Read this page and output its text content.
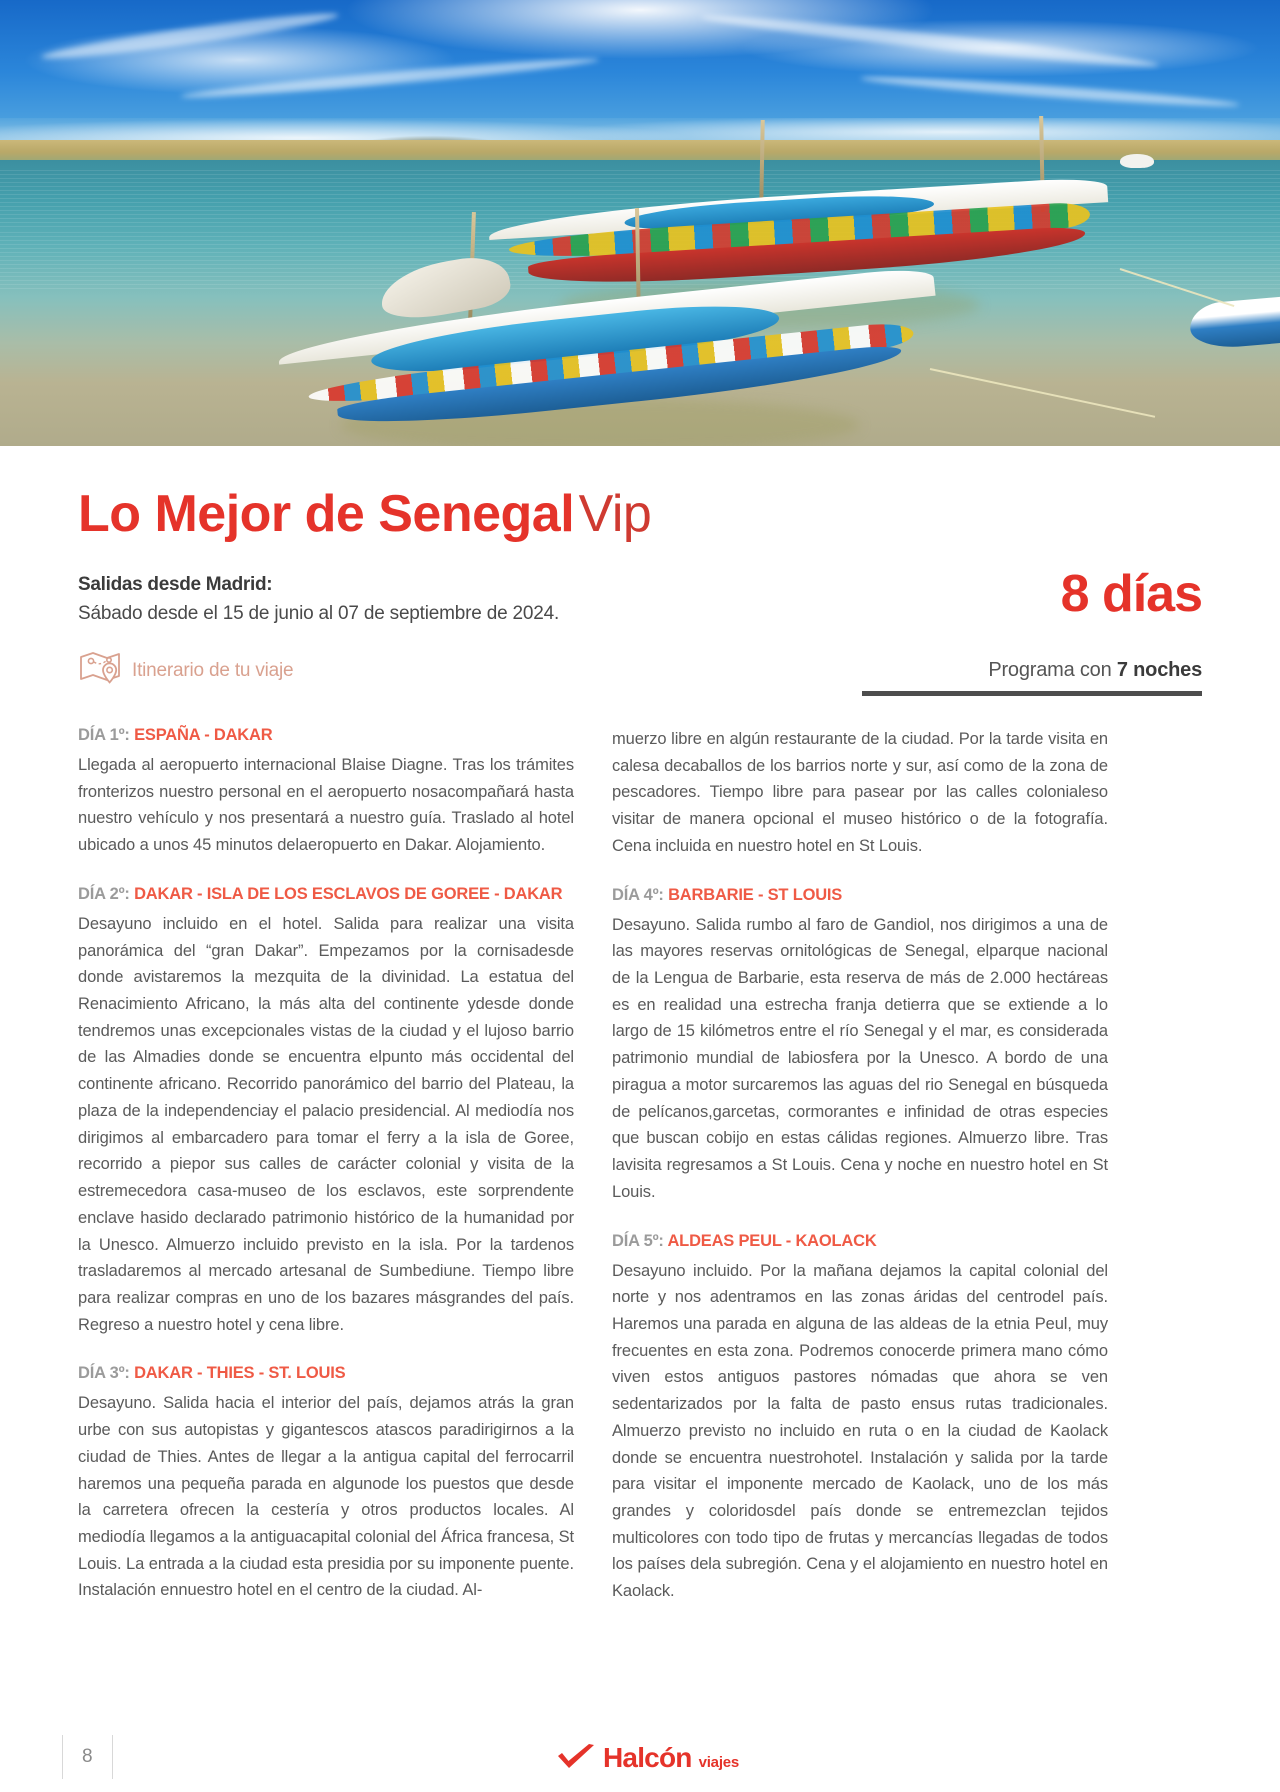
Lo Mejor de Senegal Vip
Salidas desde Madrid:
Sábado desde el 15 de junio al 07 de septiembre de 2024.	8 días
Itinerario de tu viaje	Programa con 7 noches
DÍA 1º: ESPAÑA - DAKAR

Llegada al aeropuerto internacional Blaise Diagne. Tras los trámites fronterizos nuestro personal en el aeropuerto nosacompañará hasta nuestro vehículo y nos presentará a nuestro guía. Traslado al hotel ubicado a unos 45 minutos delaeropuerto en Dakar. Alojamiento.

DÍA 2º: DAKAR - ISLA DE LOS ESCLAVOS DE GOREE - DAKAR

Desayuno incluido en el hotel. Salida para realizar una visita panorámica del “gran Dakar”. Empezamos por la cornisadesde donde avistaremos la mezquita de la divinidad. La estatua del Renacimiento Africano, la más alta del continente ydesde donde tendremos unas excepcionales vistas de la ciudad y el lujoso barrio de las Almadies donde se encuentra elpunto más occidental del continente africano. Recorrido panorámico del barrio del Plateau, la plaza de la independenciay el palacio presidencial. Al mediodía nos dirigimos al embarcadero para tomar el ferry a la isla de Goree, recorrido a piepor sus calles de carácter colonial y visita de la estremecedora casa-museo de los esclavos, este sorprendente enclave hasido declarado patrimonio histórico de la humanidad por la Unesco. Almuerzo incluido previsto en la isla. Por la tardenos trasladaremos al mercado artesanal de Sumbediune. Tiempo libre para realizar compras en uno de los bazares másgrandes del país. Regreso a nuestro hotel y cena libre.

DÍA 3º: DAKAR - THIES - ST. LOUIS

Desayuno. Salida hacia el interior del país, dejamos atrás la gran urbe con sus autopistas y gigantescos atascos paradirigirnos a la ciudad de Thies. Antes de llegar a la antigua capital del ferrocarril haremos una pequeña parada en algunode los puestos que desde la carretera ofrecen la cestería y otros productos locales. Al mediodía llegamos a la antiguacapital colonial del África francesa, St Louis. La entrada a la ciudad esta presidia por su imponente puente. Instalación ennuestro hotel en el centro de la ciudad. Al-

muerzo libre en algún restaurante de la ciudad. Por la tarde visita en calesa decaballos de los barrios norte y sur, así como de la zona de pescadores. Tiempo libre para pasear por las calles colonialeso visitar de manera opcional el museo histórico o de la fotografía. Cena incluida en nuestro hotel en St Louis.

DÍA 4º: BARBARIE - ST LOUIS

Desayuno. Salida rumbo al faro de Gandiol, nos dirigimos a una de las mayores reservas ornitológicas de Senegal, elparque nacional de la Lengua de Barbarie, esta reserva de más de 2.000 hectáreas es en realidad una estrecha franja detierra que se extiende a lo largo de 15 kilómetros entre el río Senegal y el mar, es considerada patrimonio mundial de labiosfera por la Unesco. A bordo de una piragua a motor surcaremos las aguas del rio Senegal en búsqueda de pelícanos,garcetas, cormorantes e infinidad de otras especies que buscan cobijo en estas cálidas regiones. Almuerzo libre. Tras lavisita regresamos a St Louis. Cena y noche en nuestro hotel en St Louis.

DÍA 5º: ALDEAS PEUL - KAOLACK

Desayuno incluido. Por la mañana dejamos la capital colonial del norte y nos adentramos en las zonas áridas del centrodel país. Haremos una parada en alguna de las aldeas de la etnia Peul, muy frecuentes en esta zona. Podremos conocerde primera mano cómo viven estos antiguos pastores nómadas que ahora se ven sedentarizados por la falta de pasto ensus rutas tradicionales. Almuerzo previsto no incluido en ruta o en la ciudad de Kaolack donde se encuentra nuestrohotel. Instalación y salida por la tarde para visitar el imponente mercado de Kaolack, uno de los más grandes y coloridosdel país donde se entremezclan tejidos multicolores con todo tipo de frutas y mercancías llegadas de todos los países dela subregión. Cena y el alojamiento en nuestro hotel en Kaolack.

8	Halcón viajes
